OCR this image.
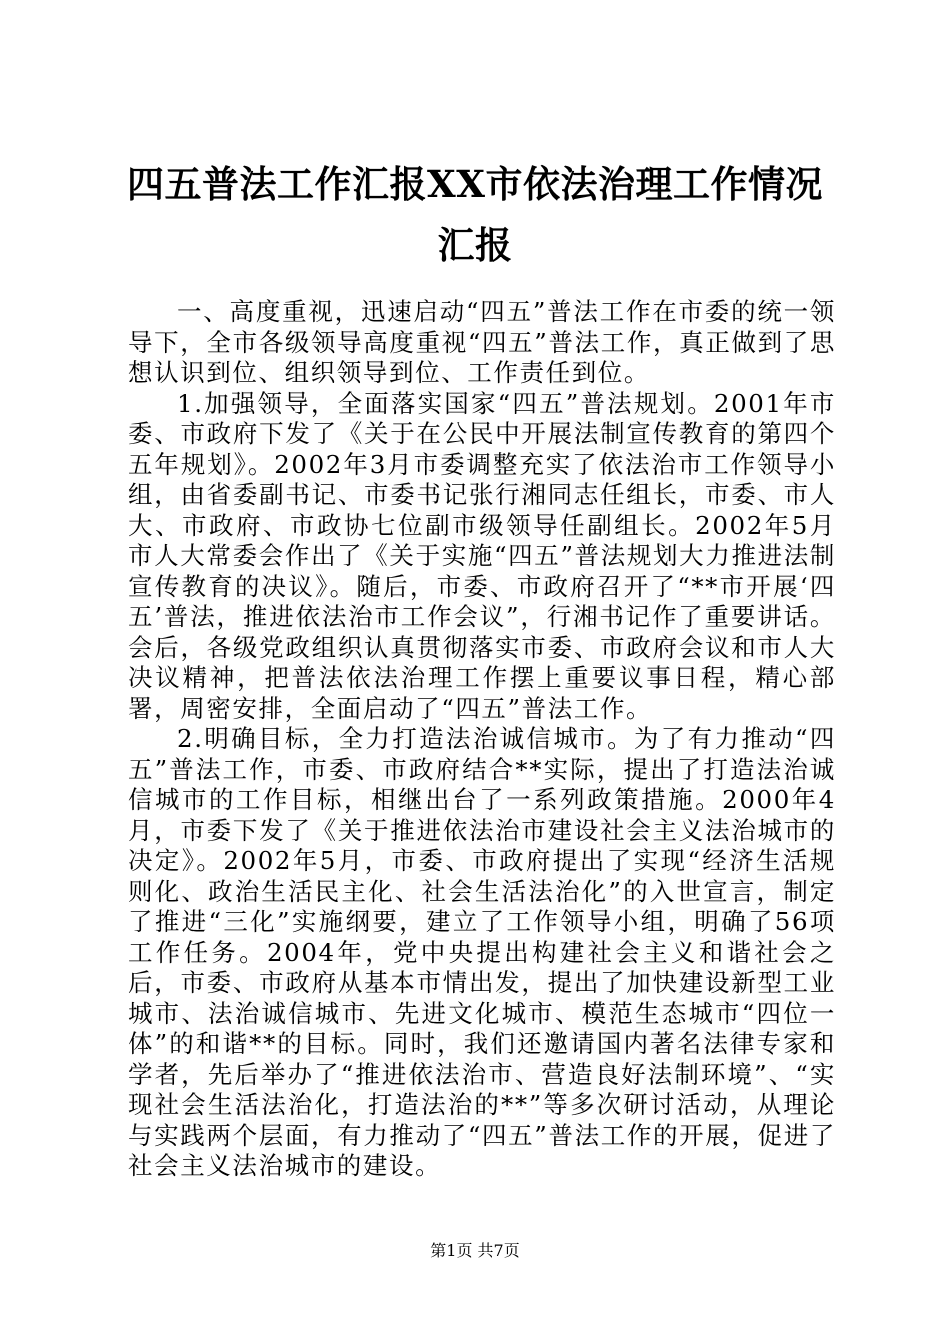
四五普法工作汇报XX市依法治理工作情况汇报

一、高度重视，迅速启动“四五”普法工作在市委的统一领导下，全市各级领导高度重视“四五”普法工作，真正做到了思想认识到位、组织领导到位、工作责任到位。

1.加强领导，全面落实国家“四五”普法规划。2001年市委、市政府下发了《关于在公民中开展法制宣传教育的第四个五年规划》。2002年3月市委调整充实了依法治市工作领导小组，由省委副书记、市委书记张行湘同志任组长，市委、市人大、市政府、市政协七位副市级领导任副组长。2002年5月市人大常委会作出了《关于实施“四五”普法规划大力推进法制宣传教育的决议》。随后，市委、市政府召开了“**市开展‘四五’普法，推进依法治市工作会议”，行湘书记作了重要讲话。会后，各级党政组织认真贯彻落实市委、市政府会议和市人大决议精神，把普法依法治理工作摆上重要议事日程，精心部署，周密安排，全面启动了“四五”普法工作。

2.明确目标，全力打造法治诚信城市。为了有力推动“四五”普法工作，市委、市政府结合**实际，提出了打造法治诚信城市的工作目标，相继出台了一系列政策措施。2000年4月，市委下发了《关于推进依法治市建设社会主义法治城市的决定》。2002年5月，市委、市政府提出了实现“经济生活规则化、政治生活民主化、社会生活法治化”的入世宣言，制定了推进“三化”实施纲要，建立了工作领导小组，明确了56项工作任务。2004年，党中央提出构建社会主义和谐社会之后，市委、市政府从基本市情出发，提出了加快建设新型工业城市、法治诚信城市、先进文化城市、模范生态城市“四位一体”的和谐**的目标。同时，我们还邀请国内著名法律专家和学者，先后举办了“推进依法治市、营造良好法制环境”、“实现社会生活法治化，打造法治的**”等多次研讨活动，从理论与实践两个层面，有力推动了“四五”普法工作的开展，促进了社会主义法治城市的建设。

第1页 共7页
